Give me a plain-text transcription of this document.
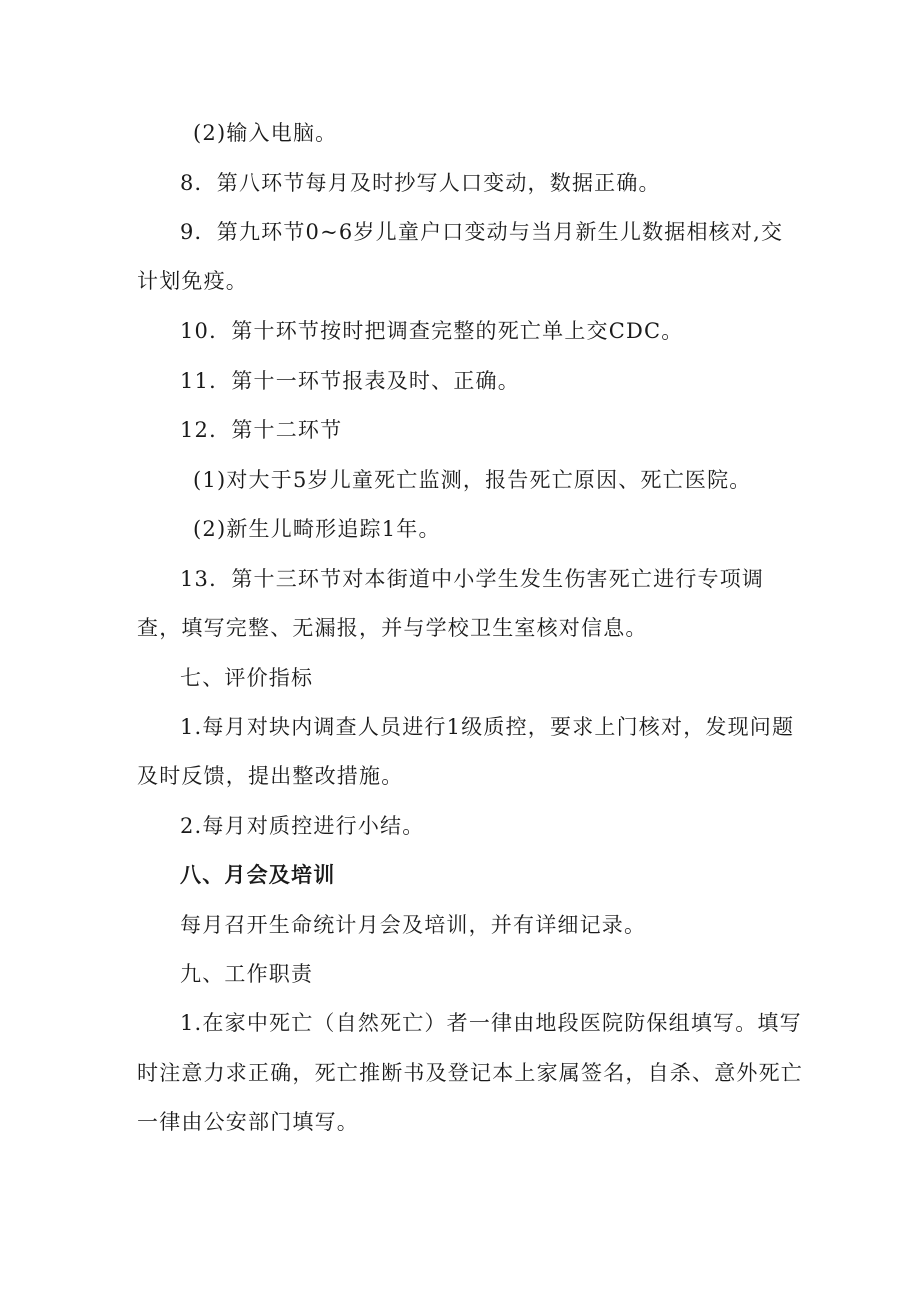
(2)输入电脑。
8．第八环节每月及时抄写人口变动，数据正确。
9．第九环节0~6岁儿童户口变动与当月新生儿数据相核对,交
计划免疫。
10．第十环节按时把调查完整的死亡单上交CDC。
11．第十一环节报表及时、正确。
12．第十二环节
(1)对大于5岁儿童死亡监测，报告死亡原因、死亡医院。
(2)新生儿畸形追踪1年。
13．第十三环节对本街道中小学生发生伤害死亡进行专项调
查，填写完整、无漏报，并与学校卫生室核对信息。
七、评价指标
1.每月对块内调查人员进行1级质控，要求上门核对，发现问题
及时反馈，提出整改措施。
2.每月对质控进行小结。
八、月会及培训
每月召开生命统计月会及培训，并有详细记录。
九、工作职责
1.在家中死亡（自然死亡）者一律由地段医院防保组填写。填写
时注意力求正确，死亡推断书及登记本上家属签名，自杀、意外死亡
一律由公安部门填写。
